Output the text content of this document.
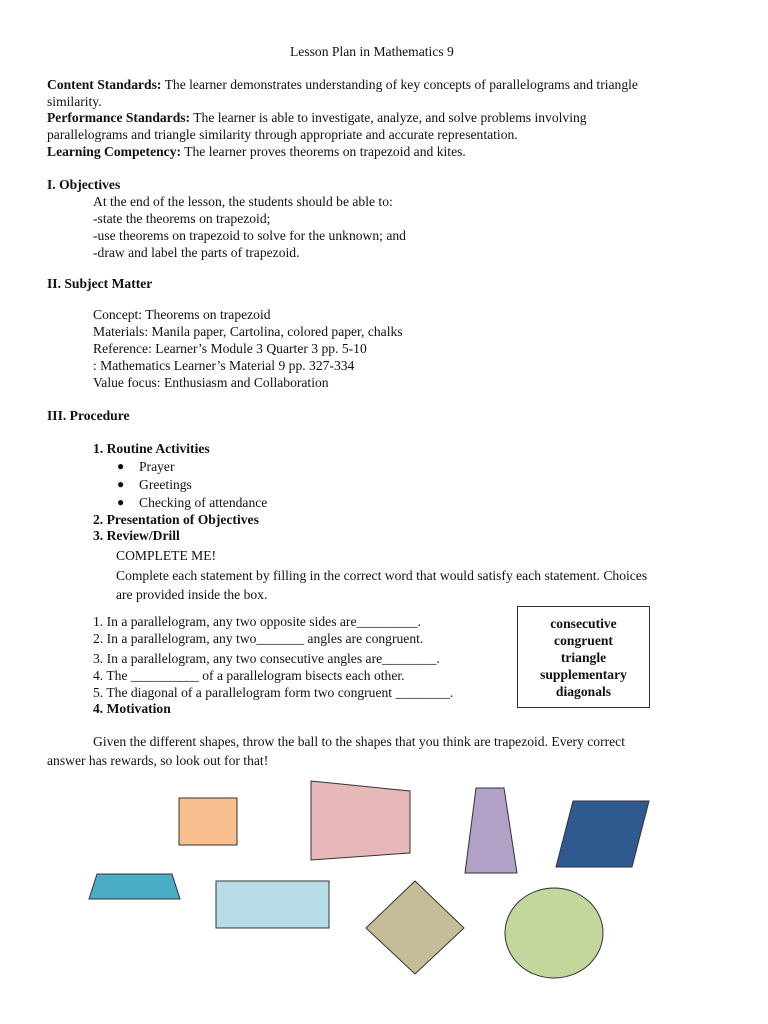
Lesson Plan in Mathematics 9
Content Standards: The learner demonstrates understanding of key concepts of parallelograms and triangle
similarity.
Performance Standards: The learner is able to investigate, analyze, and solve problems involving
parallelograms and triangle similarity through appropriate and accurate representation.
Learning Competency: The learner proves theorems on trapezoid and kites.
I. Objectives
At the end of the lesson, the students should be able to:
-state the theorems on trapezoid;
-use theorems on trapezoid to solve for the unknown; and
-draw and label the parts of trapezoid.
II. Subject Matter
Concept: Theorems on trapezoid
Materials: Manila paper, Cartolina, colored paper, chalks
Reference: Learner’s Module 3 Quarter 3 pp. 5-10
: Mathematics Learner’s Material 9 pp. 327-334
Value focus: Enthusiasm and Collaboration
III. Procedure
1. Routine Activities
● Prayer
● Greetings
● Checking of attendance
2. Presentation of Objectives
3. Review/Drill
COMPLETE ME!
Complete each statement by filling in the correct word that would satisfy each statement. Choices
are provided inside the box.
1. In a parallelogram, any two opposite sides are_________.
2. In a parallelogram, any two_______ angles are congruent.
3. In a parallelogram, any two consecutive angles are________.
4. The __________ of a parallelogram bisects each other.
5. The diagonal of a parallelogram form two congruent ________.
consecutive
congruent
triangle
supplementary
diagonals
4. Motivation
Given the different shapes, throw the ball to the shapes that you think are trapezoid. Every correct
answer has rewards, so look out for that!
